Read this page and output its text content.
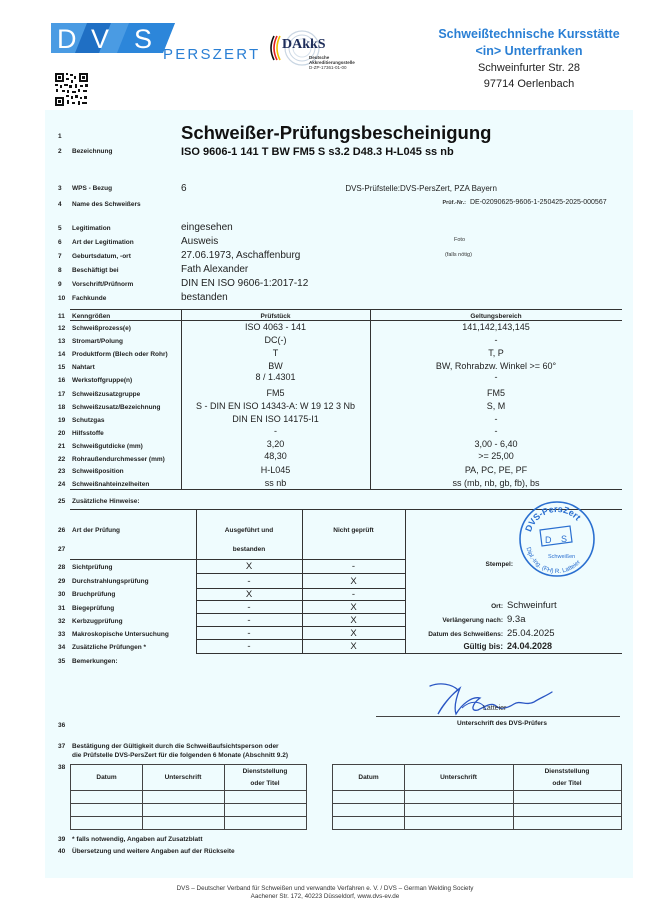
D V S
PERSZERT
DAkkS
Deutsche
Akkreditierungsstelle
D-ZP-17361-01-00
Schweißtechnische Kursstätte
<in> Unterfranken
Schweinfurter Str. 28
97714 Oerlenbach
1
2 Bezeichnung
Schweißer-Prüfungsbescheinigung
ISO 9606-1 141 T BW FM5 S s3.2 D48.3 H-L045 ss nb
3 WPS - Bezug	6	DVS-Prüfstelle: DVS-PersZert, PZA Bayern
4 Name des Schweißers	Prüf.-Nr.: DE-02090625-9606-1-250425-2025-000567
5 Legitimation	eingesehen
6 Art der Legitimation	Ausweis	Foto
7 Geburtsdatum, -ort	27.06.1973, Aschaffenburg	(falls nötig)
8 Beschäftigt bei	Fath Alexander
9 Vorschrift/Prüfnorm	DIN EN ISO 9606-1:2017-12
10 Fachkunde	bestanden
11 Kenngrößen	Prüfstück	Geltungsbereich
12 Schweißprozess(e)	ISO 4063 - 141	141,142,143,145
13 Stromart/Polung	DC(-)	-
14 Produktform (Blech oder Rohr)	T	T, P
15 Nahtart	BW	BW, Rohrabzw. Winkel >= 60°
16 Werkstoffgruppe(n)	8 / 1.4301	-
17 Schweißzusatzgruppe	FM5	FM5
18 Schweißzusatz/Bezeichnung	S - DIN EN ISO 14343-A: W 19 12 3 Nb	S, M
19 Schutzgas	DIN EN ISO 14175-I1	-
20 Hilfsstoffe	-	-
21 Schweißgutdicke (mm)	3,20	3,00 - 6,40
22 Rohraußendurchmesser (mm)	48,30	>= 25,00
23 Schweißposition	H-L045	PA, PC, PE, PF
24 Schweißnahteinzelheiten	ss nb	ss (mb, nb, gb, fb), bs
25 Zusätzliche Hinweise:
26 Art der Prüfung	Ausgeführt und	Nicht geprüft
27	bestanden
28 Sichtprüfung	X	-
29 Durchstrahlungsprüfung	-	X
30 Bruchprüfung	X	-
31 Biegeprüfung	-	X
32 Kerbzugprüfung	-	X
33 Makroskopische Untersuchung	-	X
34 Zusätzliche Prüfungen *	-	X
Stempel:
DVS-PersZert
Dipl.-Ing. (FH) R. Latteier
D S
Schweißen
Ort: Schweinfurt
Verlängerung nach: 9.3a
Datum des Schweißens: 25.04.2025
Gültig bis: 24.04.2028
35 Bemerkungen:
Latteier
Unterschrift des DVS-Prüfers
36
37 Bestätigung der Gültigkeit durch die Schweißaufsichtsperson oder
die Prüfstelle DVS-PersZert für die folgenden 6 Monate (Abschnitt 9.2)
38
Datum	Unterschrift
Dienststellung
oder Titel
Datum	Unterschrift
Dienststellung
oder Titel
39 * falls notwendig, Angaben auf Zusatzblatt
40 Übersetzung und weitere Angaben auf der Rückseite
DVS – Deutscher Verband für Schweißen und verwandte Verfahren e. V. / DVS – German Welding Society
Aachener Str. 172, 40223 Düsseldorf, www.dvs-ev.de
